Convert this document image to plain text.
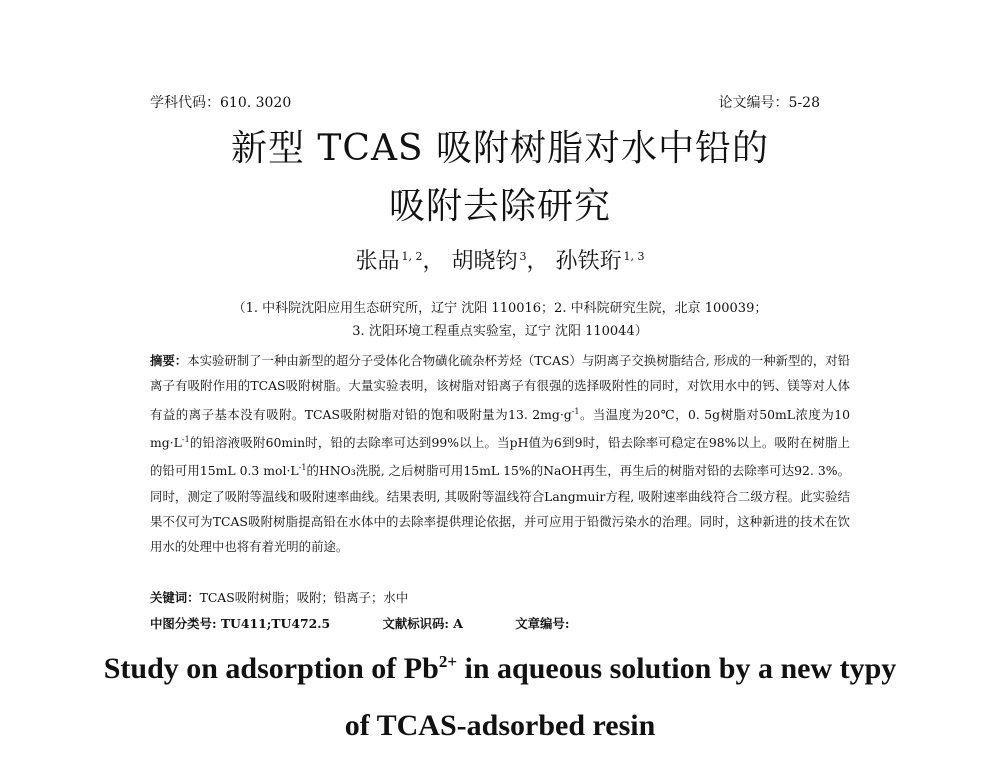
学科代码：610. 3020	论文编号：5-28
新型 TCAS 吸附树脂对水中铅的
吸附去除研究
张品 $^{1, 2}$， 胡晓钧 $^3$， 孙铁珩 $^{1, 3}$
（1. 中科院沈阳应用生态研究所，辽宁 沈阳 110016；2. 中科院研究生院，北京 100039；
3. 沈阳环境工程重点实验室，辽宁 沈阳 110044）
摘要：本实验研制了一种由新型的超分子受体化合物磺化硫杂杯芳烃（TCAS）与阴离子交换树脂结合, 形成的一种新型的，对铅离子有吸附作用的TCAS吸附树脂。大量实验表明，该树脂对铅离子有很强的选择吸附性的同时，对饮用水中的钙、镁等对人体有益的离子基本没有吸附。TCAS吸附树脂对铅的饱和吸附量为13. $2mg\cdot g^{-1}$。当温度为20℃，0. 5g树脂对50mL浓度为10 $mg\cdot L^{-1}$的铅溶液吸附60min时，铅的去除率可达到99%以上。当pH值为6到9时，铅去除率可稳定在98%以上。吸附在树脂上的铅可用15mL 0.3 $mol\cdot L^{-1}$的HNO₃洗脱, 之后树脂可用15mL 15%的NaOH再生，再生后的树脂对铅的去除率可达92. 3%。同时，测定了吸附等温线和吸附速率曲线。结果表明, 其吸附等温线符合Langmuir方程, 吸附速率曲线符合二级方程。此实验结果不仅可为TCAS吸附树脂提高铅在水体中的去除率提供理论依据，并可应用于铅微污染水的治理。同时，这种新进的技术在饮用水的处理中也将有着光明的前途。
关键词：TCAS吸附树脂；吸附；铅离子；水中
中图分类号: TU411;TU472.5	文献标识码: A	文章编号:
Study on adsorption of $Pb^{2+}$ in aqueous solution by a new typy
of TCAS-adsorbed resin
